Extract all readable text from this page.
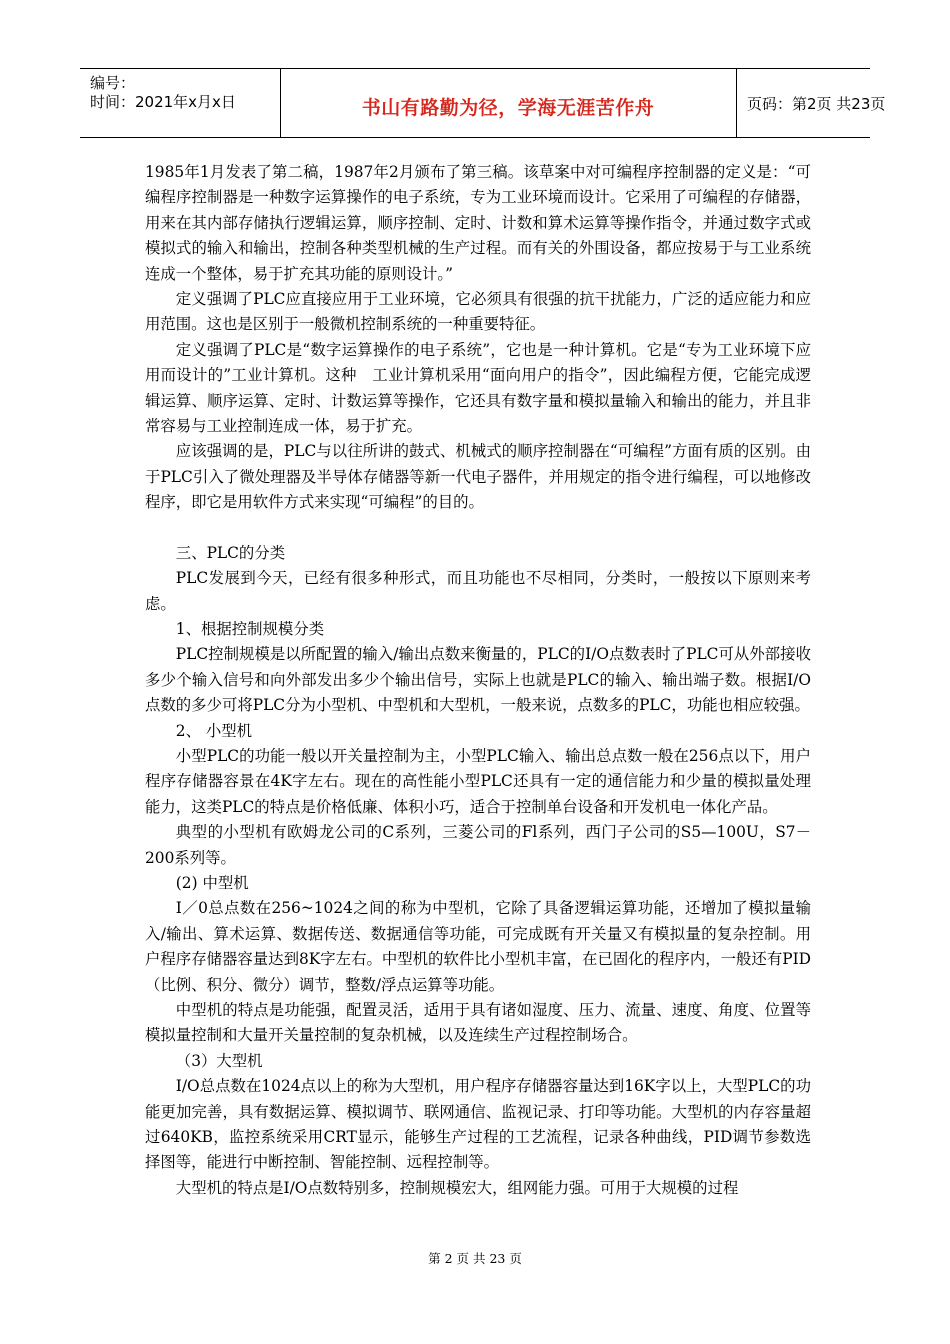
编号：
时间：2021年x月x日	书山有路勤为径，学海无涯苦作舟	页码：第2页 共23页

1985年1月发表了第二稿，1987年2月颁布了第三稿。该草案中对可编程序控制器的定义是：“可编程序控制器是一种数字运算操作的电子系统，专为工业环境而设计。它采用了可编程的存储器，用来在其内部存储执行逻辑运算，顺序控制、定时、计数和算术运算等操作指令，并通过数字式或模拟式的输入和输出，控制各种类型机械的生产过程。而有关的外围设备，都应按易于与工业系统连成一个整体，易于扩充其功能的原则设计。”

定义强调了PLC应直接应用于工业环境，它必须具有很强的抗干扰能力，广泛的适应能力和应用范围。这也是区别于一般微机控制系统的一种重要特征。

定义强调了PLC是“数字运算操作的电子系统”，它也是一种计算机。它是“专为工业环境下应用而设计的”工业计算机。这种　工业计算机采用“面向用户的指令”，因此编程方便，它能完成逻辑运算、顺序运算、定时、计数运算等操作，它还具有数字量和模拟量输入和输出的能力，并且非常容易与工业控制连成一体，易于扩充。

应该强调的是，PLC与以往所讲的鼓式、机械式的顺序控制器在“可编程”方面有质的区别。由于PLC引入了微处理器及半导体存储器等新一代电子器件，并用规定的指令进行编程，可以地修改程序，即它是用软件方式来实现“可编程”的目的。

三、PLC的分类

PLC发展到今天，已经有很多种形式，而且功能也不尽相同，分类时，一般按以下原则来考虑。

1、根据控制规模分类

PLC控制规模是以所配置的输入/输出点数来衡量的，PLC的I/O点数表时了PLC可从外部接收多少个输入信号和向外部发出多少个输出信号，实际上也就是PLC的输入、输出端子数。根据I/O点数的多少可将PLC分为小型机、中型机和大型机，一般来说，点数多的PLC，功能也相应较强。

2、 小型机

小型PLC的功能一般以开关量控制为主，小型PLC输入、输出总点数一般在256点以下，用户程序存储器容景在4K字左右。现在的高性能小型PLC还具有一定的通信能力和少量的模拟量处理能力，这类PLC的特点是价格低廉、体积小巧，适合于控制单台设备和开发机电一体化产品。

典型的小型机有欧姆龙公司的C系列，三菱公司的Fl系列，西门子公司的S5—100U，S7－200系列等。

(2) 中型机

I／0总点数在256~1024之间的称为中型机，它除了具备逻辑运算功能，还增加了模拟量输入/输出、算术运算、数据传送、数据通信等功能，可完成既有开关量又有模拟量的复杂控制。用户程序存储器容量达到8K字左右。中型机的软件比小型机丰富，在已固化的程序内，一般还有PID（比例、积分、微分）调节，整数/浮点运算等功能。

中型机的特点是功能强，配置灵活，适用于具有诸如湿度、压力、流量、速度、角度、位置等模拟量控制和大量开关量控制的复杂机械，以及连续生产过程控制场合。

（3）大型机

I/O总点数在1024点以上的称为大型机，用户程序存储器容量达到16K字以上，大型PLC的功能更加完善，具有数据运算、模拟调节、联网通信、监视记录、打印等功能。大型机的内存容量超过640KB，监控系统采用CRT显示，能够生产过程的工艺流程，记录各种曲线，PID调节参数选择图等，能进行中断控制、智能控制、远程控制等。

大型机的特点是I/O点数特别多，控制规模宏大，组网能力强。可用于大规模的过程

第 2 页 共 23 页
